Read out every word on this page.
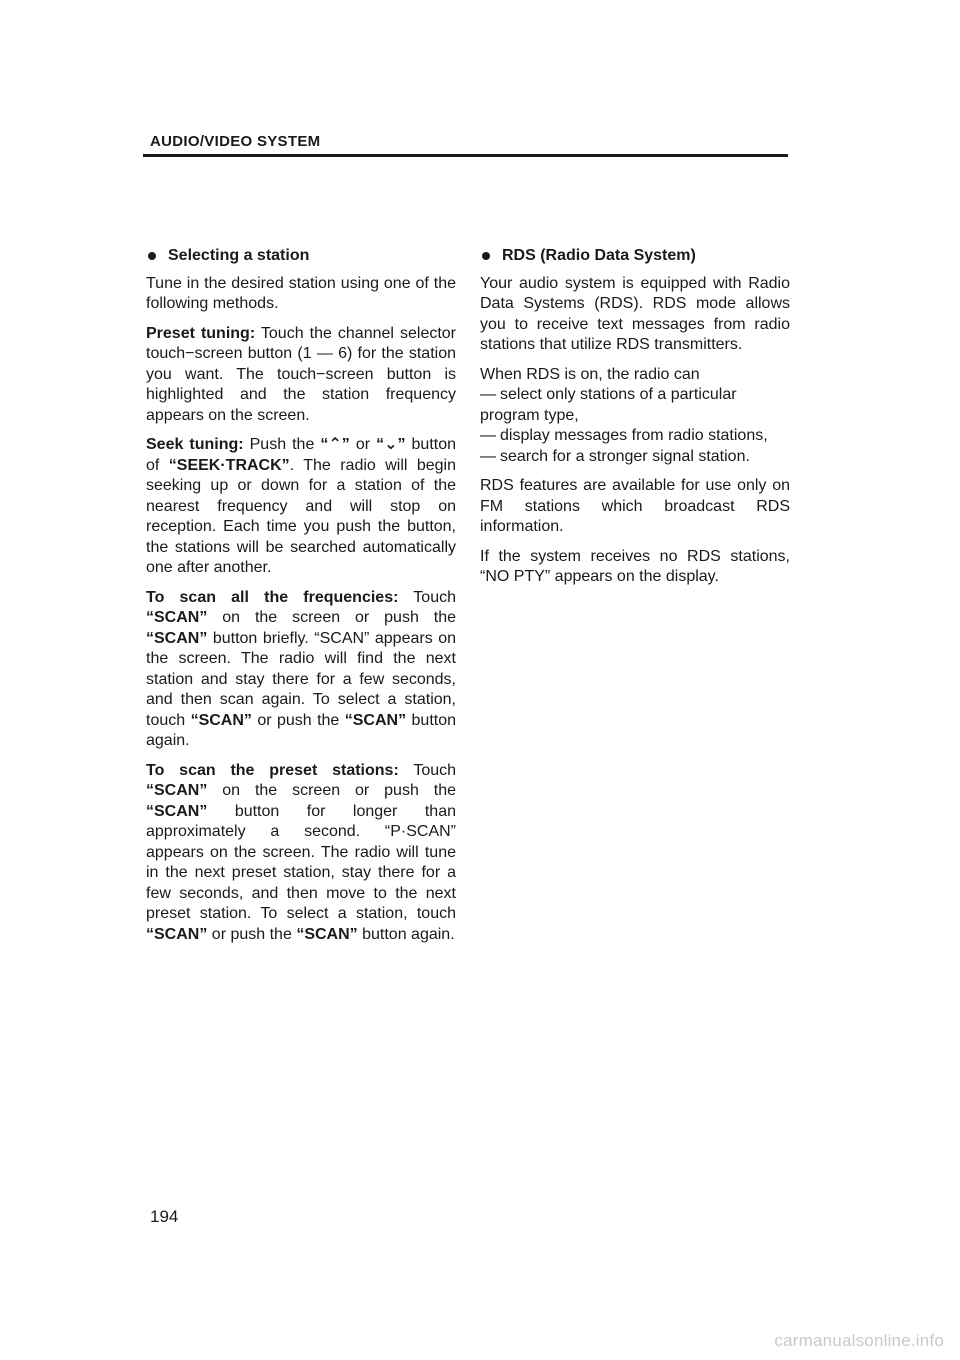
AUDIO/VIDEO SYSTEM
Selecting a station

Tune in the desired station using one of the following methods.

Preset tuning: Touch the channel selector touch−screen button (1 — 6) for the station you want. The touch−screen button is highlighted and the station frequency appears on the screen.

Seek tuning: Push the “⌃” or “⌄” button of “SEEK·TRACK”. The radio will begin seeking up or down for a station of the nearest frequency and will stop on reception. Each time you push the button, the stations will be searched automatically one after another.

To scan all the frequencies: Touch “SCAN” on the screen or push the “SCAN” button briefly. “SCAN” appears on the screen. The radio will find the next station and stay there for a few seconds, and then scan again. To select a station, touch “SCAN” or push the “SCAN” button again.

To scan the preset stations: Touch “SCAN” on the screen or push the “SCAN” button for longer than approximately a second. “P·SCAN” appears on the screen. The radio will tune in the next preset station, stay there for a few seconds, and then move to the next preset station. To select a station, touch “SCAN” or push the “SCAN” button again.

RDS (Radio Data System)

Your audio system is equipped with Radio Data Systems (RDS). RDS mode allows you to receive text messages from radio stations that utilize RDS transmitters.

When RDS is on, the radio can
— select only stations of a particular program type,
— display messages from radio stations,
— search for a stronger signal station.

RDS features are available for use only on FM stations which broadcast RDS information.

If the system receives no RDS stations, “NO PTY” appears on the display.

194
carmanualsonline.info
